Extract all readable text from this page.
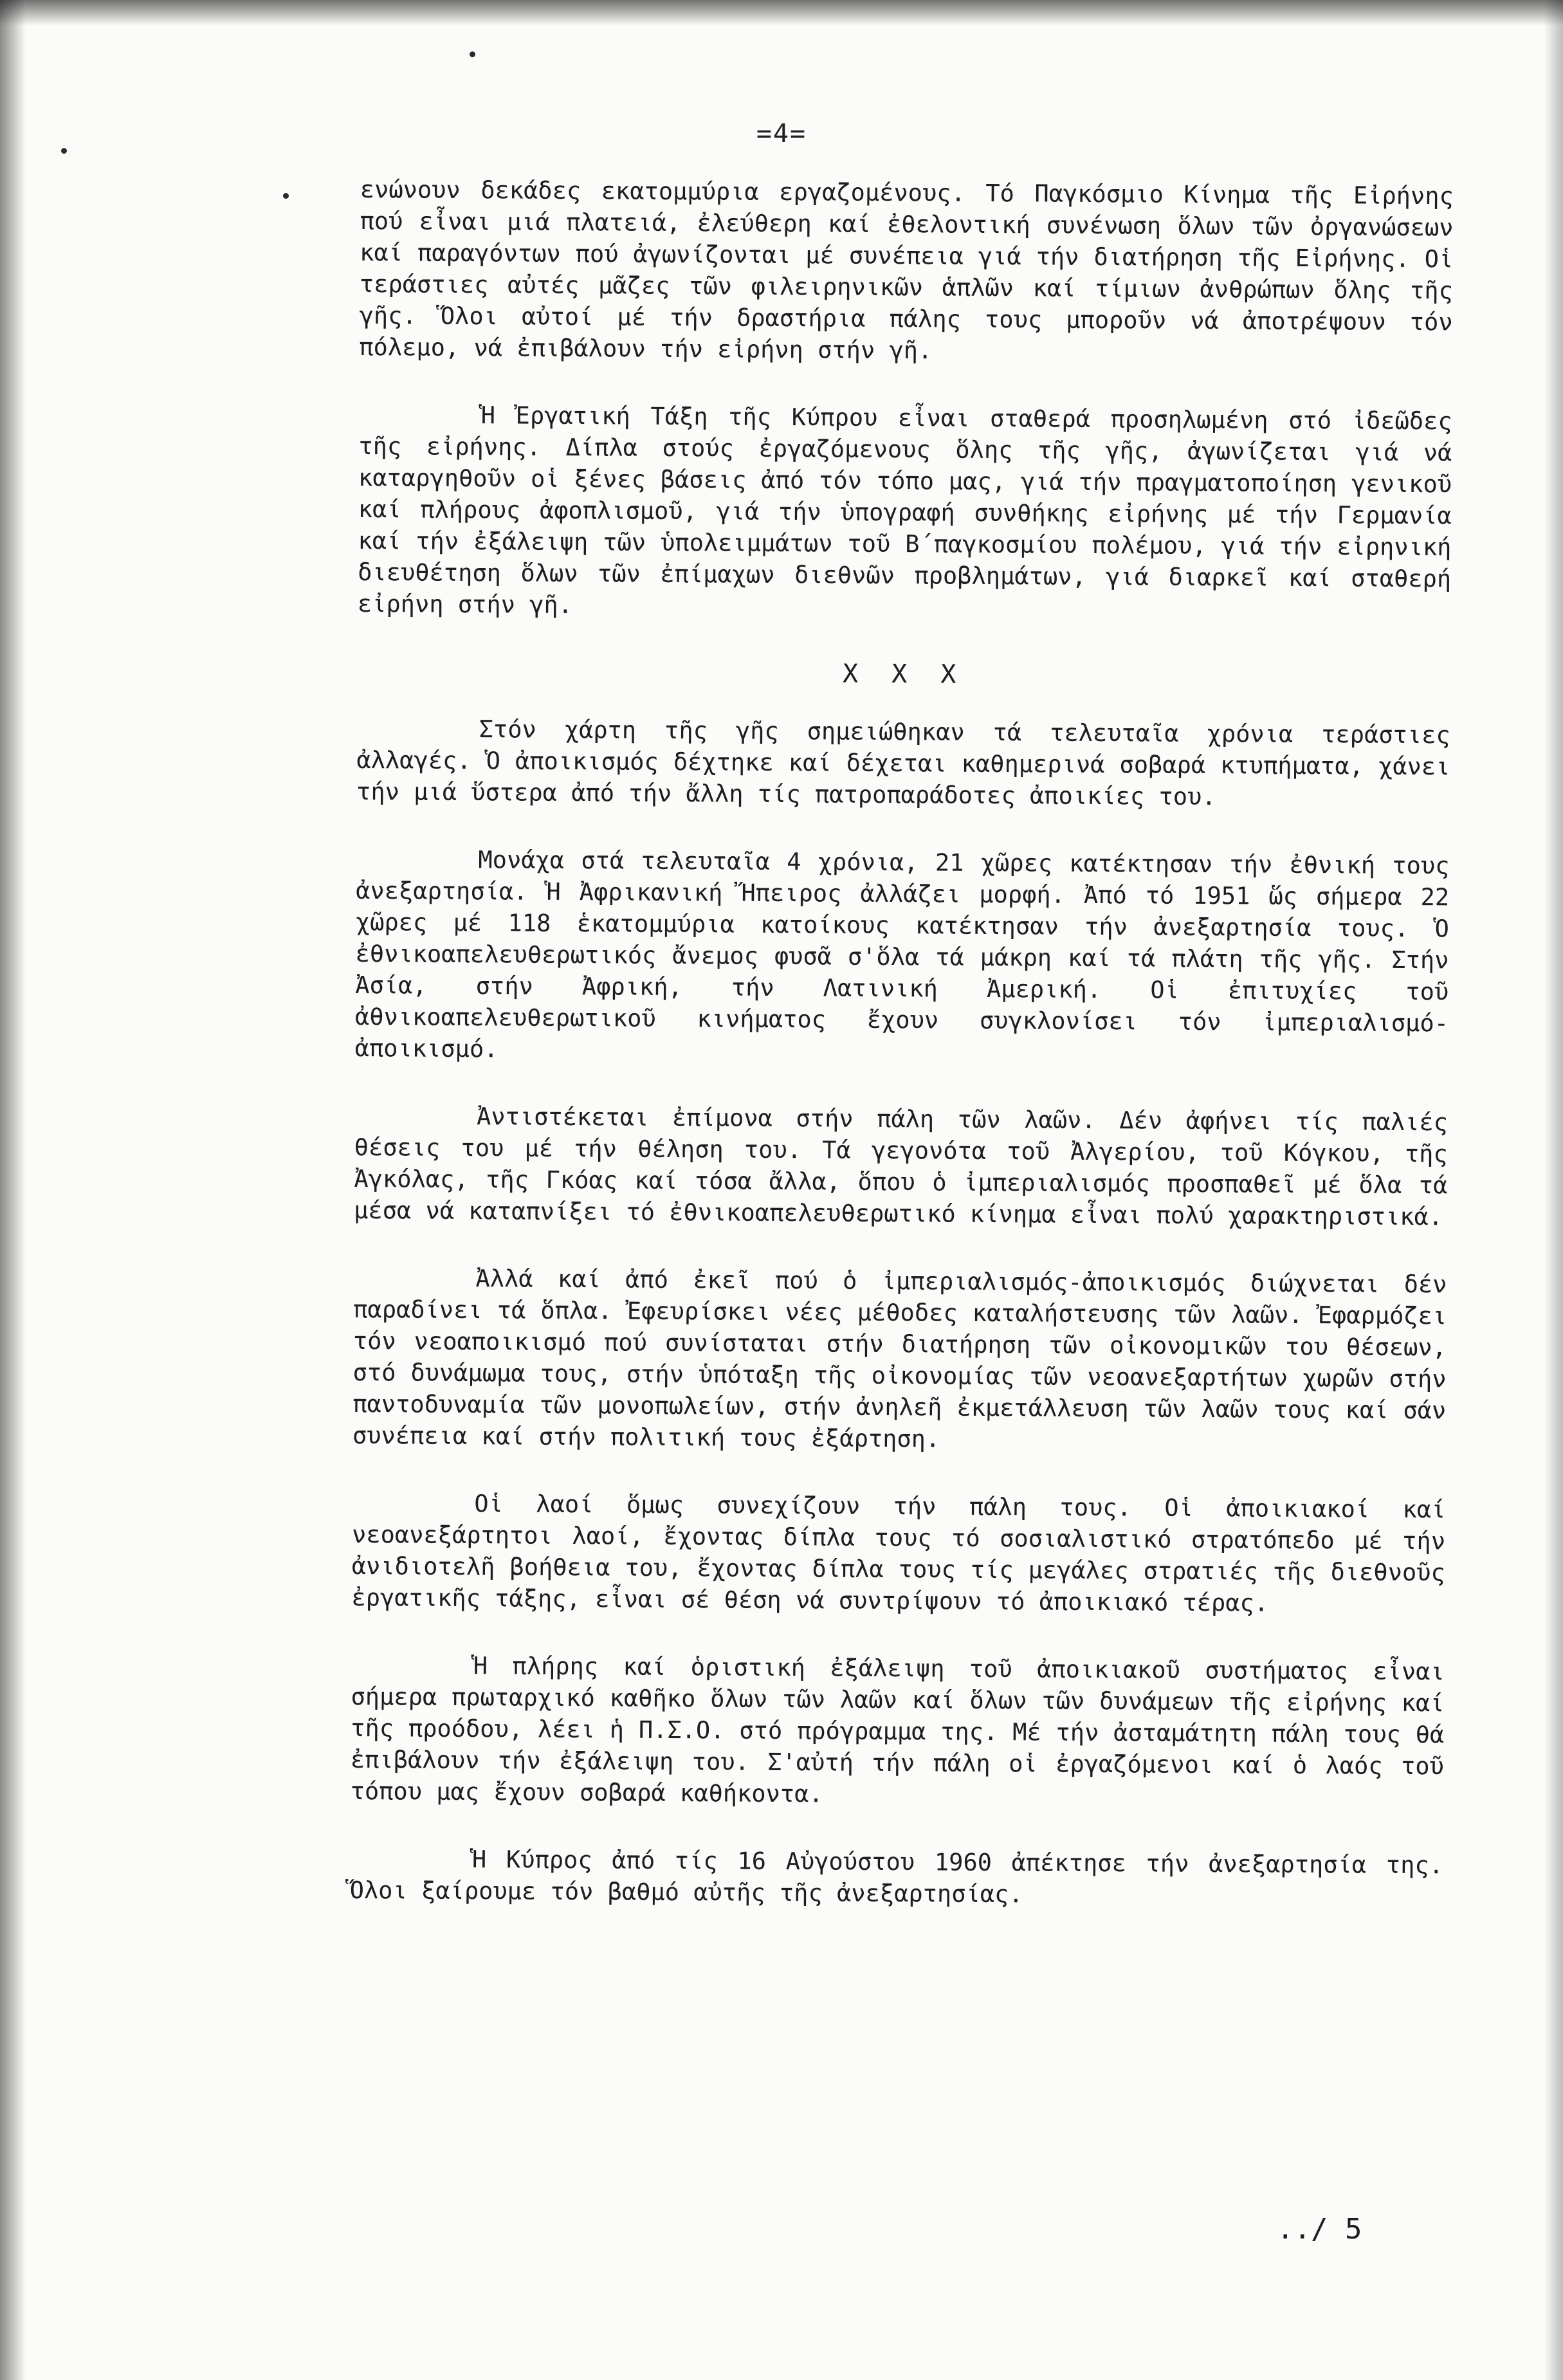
=4=

ενώνουν δεκάδες εκατομμύρια εργαζομένους. Τό Παγκόσμιο Κίνημα τῆς Εἰρήνης πού εἶναι μιά πλατειά, ἐλεύθερη καί ἐθελοντική συνένωση ὅλων τῶν ὀργανώσεων καί παραγόντων πού ἀγωνίζονται μέ συνέπεια γιά τήν διατήρηση τῆς Εἰρήνης. Οἱ τεράστιες αὐτές μᾶζες τῶν φιλειρηνικῶν ἁπλῶν καί τίμιων ἀνθρώπων ὅλης τῆς γῆς. Ὅλοι αὐτοί μέ τήν δραστήρια πάλης τους μποροῦν νά ἀποτρέψουν τόν πόλεμο, νά ἐπιβάλουν τήν εἰρήνη στήν γῆ.

Ἡ Ἐργατική Τάξη τῆς Κύπρου εἶναι σταθερά προσηλωμένη στό ἰδεῶδες τῆς εἰρήνης. Δίπλα στούς ἐργαζόμενους ὅλης τῆς γῆς, ἀγωνίζεται γιά νά καταργηθοῦν οἱ ξένες βάσεις ἀπό τόν τόπο μας, γιά τήν πραγματοποίηση γενικοῦ καί πλήρους ἀφοπλισμοῦ, γιά τήν ὑπογραφή συνθήκης εἰρήνης μέ τήν Γερμανία καί τήν ἐξάλειψη τῶν ὑπολειμμάτων τοῦ Β´παγκοσμίου πολέμου, γιά τήν εἰρηνική διευθέτηση ὅλων τῶν ἐπίμαχων διεθνῶν προβλημάτων, γιά διαρκεῖ καί σταθερή εἰρήνη στήν γῆ.

X X X

Στόν χάρτη τῆς γῆς σημειώθηκαν τά τελευταῖα χρόνια τεράστιες ἀλλαγές. Ὁ ἀποικισμός δέχτηκε καί δέχεται καθημερινά σοβαρά κτυπήματα, χάνει τήν μιά ὕστερα ἀπό τήν ἄλλη τίς πατροπαράδοτες ἀποικίες του.

Μονάχα στά τελευταῖα 4 χρόνια, 21 χῶρες κατέκτησαν τήν ἐθνική τους ἀνεξαρτησία. Ἡ Ἀφρικανική Ἤπειρος ἀλλάζει μορφή. Ἀπό τό 1951 ὥς σήμερα 22 χῶρες μέ 118 ἑκατομμύρια κατοίκους κατέκτησαν τήν ἀνεξαρτησία τους. Ὁ ἐθνικοαπελευθερωτικός ἄνεμος φυσᾶ σ'ὅλα τά μάκρη καί τά πλάτη τῆς γῆς. Στήν Ἀσία, στήν Ἀφρική, τήν Λατινική Ἀμερική. Οἱ ἐπιτυχίες τοῦ ἀθνικοαπελευθερωτικοῦ κινήματος ἔχουν συγκλονίσει τόν ἰμπεριαλισμό-ἀποικισμό.

Ἀντιστέκεται ἐπίμονα στήν πάλη τῶν λαῶν. Δέν ἀφήνει τίς παλιές θέσεις του μέ τήν θέληση του. Τά γεγονότα τοῦ Ἀλγερίου, τοῦ Κόγκου, τῆς Ἀγκόλας, τῆς Γκόας καί τόσα ἄλλα, ὅπου ὁ ἰμπεριαλισμός προσπαθεῖ μέ ὅλα τά μέσα νά καταπνίξει τό ἐθνικοαπελευθερωτικό κίνημα εἶναι πολύ χαρακτηριστικά.

Ἀλλά καί ἀπό ἐκεῖ πού ὁ ἰμπεριαλισμός-ἀποικισμός διώχνεται δέν παραδίνει τά ὅπλα. Ἐφευρίσκει νέες μέθοδες καταλήστευσης τῶν λαῶν. Ἐφαρμόζει τόν νεοαποικισμό πού συνίσταται στήν διατήρηση τῶν οἰκονομικῶν του θέσεων, στό δυνάμωμα τους, στήν ὑπόταξη τῆς οἰκονομίας τῶν νεοανεξαρτήτων χωρῶν στήν παντοδυναμία τῶν μονοπωλείων, στήν ἀνηλεῆ ἐκμετάλλευση τῶν λαῶν τους καί σάν συνέπεια καί στήν πολιτική τους ἐξάρτηση.

Οἱ λαοί ὅμως συνεχίζουν τήν πάλη τους. Οἱ ἀποικιακοί καί νεοανεξάρτητοι λαοί, ἔχοντας δίπλα τους τό σοσιαλιστικό στρατόπεδο μέ τήν ἀνιδιοτελῆ βοήθεια του, ἔχοντας δίπλα τους τίς μεγάλες στρατιές τῆς διεθνοῦς ἐργατικῆς τάξης, εἶναι σέ θέση νά συντρίψουν τό ἀποικιακό τέρας.

Ἡ πλήρης καί ὁριστική ἐξάλειψη τοῦ ἀποικιακοῦ συστήματος εἶναι σήμερα πρωταρχικό καθῆκο ὅλων τῶν λαῶν καί ὅλων τῶν δυνάμεων τῆς εἰρήνης καί τῆς προόδου, λέει ἡ Π.Σ.Ο. στό πρόγραμμα της. Μέ τήν ἀσταμάτητη πάλη τους θά ἐπιβάλουν τήν ἐξάλειψη του. Σ'αὐτή τήν πάλη οἱ ἐργαζόμενοι καί ὁ λαός τοῦ τόπου μας ἔχουν σοβαρά καθήκοντα.

Ἡ Κύπρος ἀπό τίς 16 Αὐγούστου 1960 ἀπέκτησε τήν ἀνεξαρτησία της. Ὅλοι ξαίρουμε τόν βαθμό αὐτῆς τῆς ἀνεξαρτησίας.

../ 5
